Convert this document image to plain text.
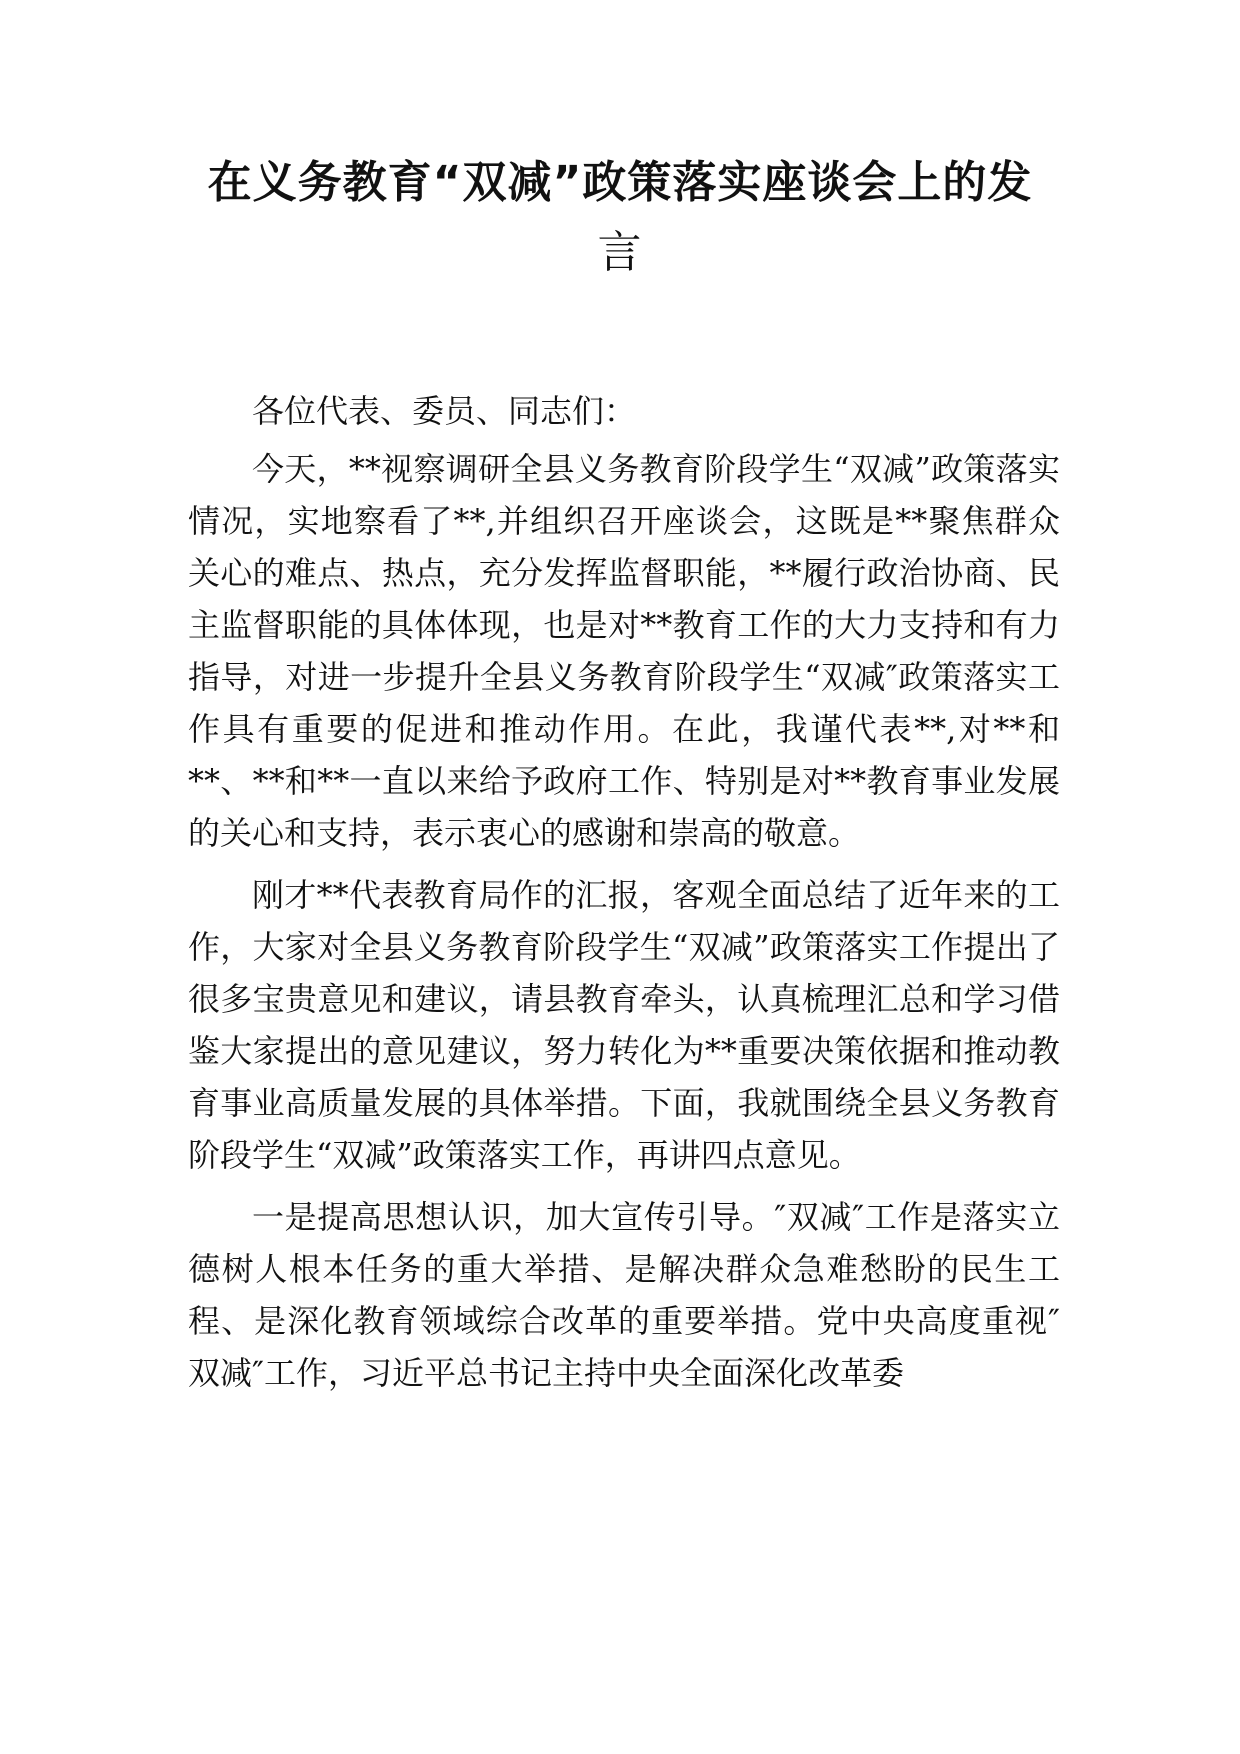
在义务教育“双减”政策落实座谈会上的发
言

各位代表、委员、同志们：

今天，**视察调研全县义务教育阶段学生“双减”政策落实情况，实地察看了**,并组织召开座谈会，这既是**聚焦群众关心的难点、热点，充分发挥监督职能，**履行政治协商、民主监督职能的具体体现，也是对**教育工作的大力支持和有力指导，对进一步提升全县义务教育阶段学生“双减″政策落实工作具有重要的促进和推动作用。在此，我谨代表**,对**和**、**和**一直以来给予政府工作、特别是对**教育事业发展的关心和支持，表示衷心的感谢和崇高的敬意。

刚才**代表教育局作的汇报，客观全面总结了近年来的工作，大家对全县义务教育阶段学生“双减”政策落实工作提出了很多宝贵意见和建议，请县教育牵头，认真梳理汇总和学习借鉴大家提出的意见建议，努力转化为**重要决策依据和推动教育事业高质量发展的具体举措。下面，我就围绕全县义务教育阶段学生“双减”政策落实工作，再讲四点意见。

一是提高思想认识，加大宣传引导。″双减″工作是落实立德树人根本任务的重大举措、是解决群众急难愁盼的民生工程、是深化教育领域综合改革的重要举措。党中央高度重视″双减″工作，习近平总书记主持中央全面深化改革委
